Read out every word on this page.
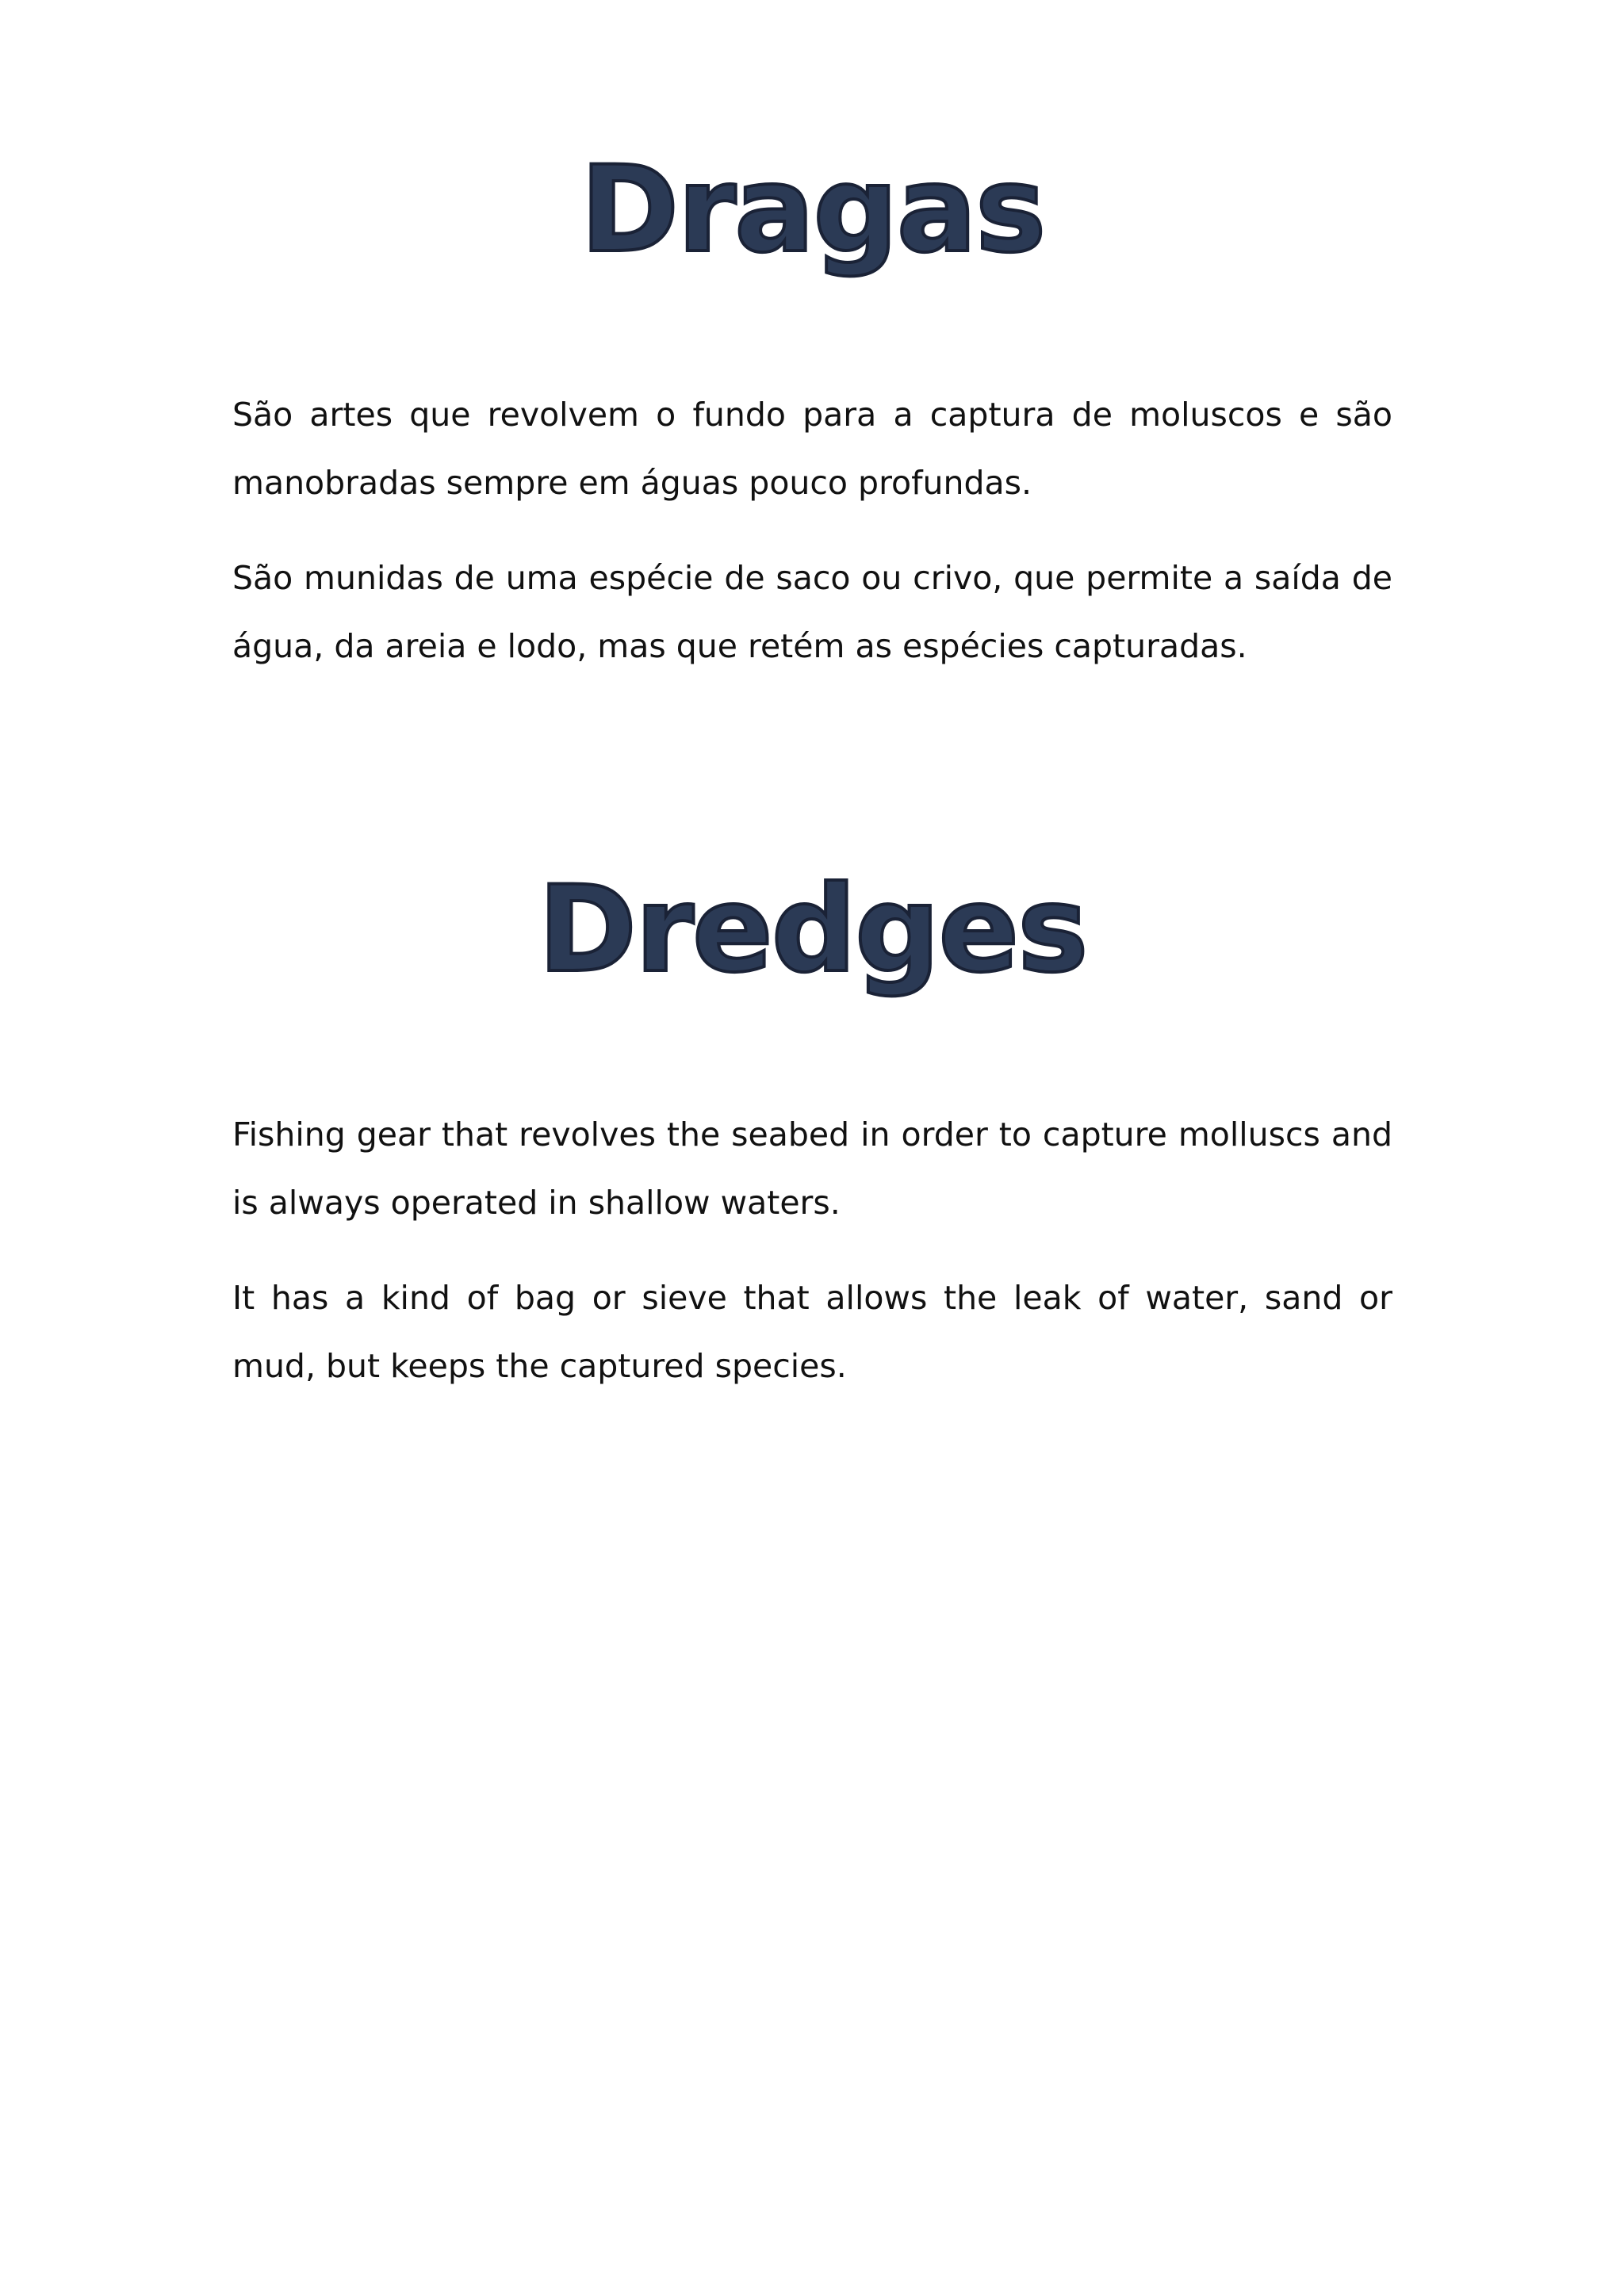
Dragas

São artes que revolvem o fundo para a captura de moluscos e são manobradas sempre em águas pouco profundas.

São munidas de uma espécie de saco ou crivo, que permite a saída de água, da areia e lodo, mas que retém as espécies capturadas.

Dredges

Fishing gear that revolves the seabed in order to capture molluscs and is always operated in shallow waters.

It has a kind of bag or sieve that allows the leak of water, sand or mud, but keeps the captured species.
